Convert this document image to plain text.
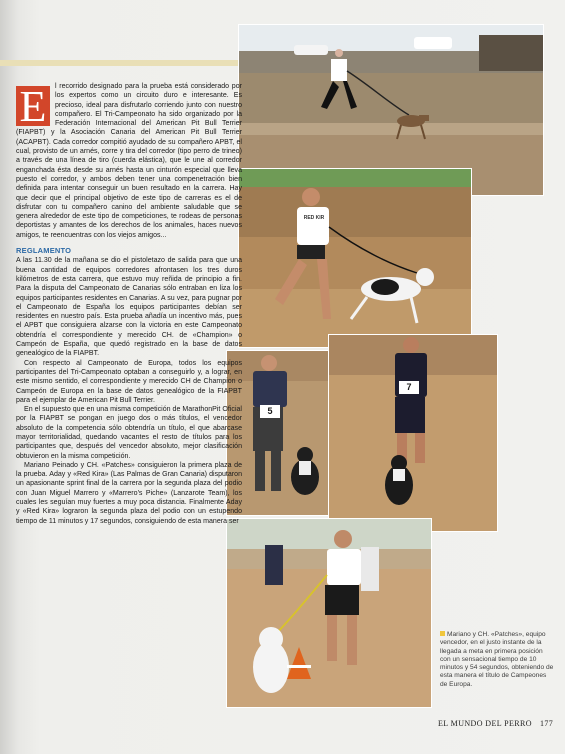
RED KIR
5
7
E	l recorrido designado para la prueba está considerado por los expertos como un circuito duro e interesante. Es precioso, ideal para disfrutarlo corriendo junto con nuestro compañero. El Tri-Campeonato ha sido organizado por la Federación Internacional del American Pit Bull Terrier (FIAPBT) y la Asociación Canaria del American Pit Bull Terrier (ACAPBT). Cada corredor compitió ayudado de su compañero APBT, el cual, provisto de un arnés, corre y tira del corredor (tipo perro de trineo) a través de una línea de tiro (cuerda elástica), que le une al corredor enganchada ésta desde su arnés hasta un cinturón especial que lleva puesto el corredor, y ambos deben tener una compenetración bien definida para intentar conseguir un buen resultado en la carrera. Hay que decir que el principal objetivo de este tipo de carreras es el de disfrutar con tu compañero canino del ambiente saludable que se genera alrededor de este tipo de competiciones, te rodeas de personas deportistas y amantes de los derechos de los animales, haces nuevos amigos, te reencuentras con los viejos amigos...

REGLAMENTO

A las 11.30 de la mañana se dio el pistoletazo de salida para que una buena cantidad de equipos corredores afrontasen los tres duros kilómetros de esta carrera, que estuvo muy reñida de principio a fin. Para la disputa del Campeonato de Canarias sólo entraban en liza los equipos participantes residentes en Canarias. A su vez, para pugnar por el Campeonato de España los equipos participantes debían ser residentes en nuestro país. Esta prueba añadía un incentivo más, pues el APBT que consiguiera alzarse con la victoria en este Campeonato obtendría el correspondiente y merecido CH. de «Champion» o Campeón de España, que quedó registrado en la base de datos genealógico de la FIAPBT.

Con respecto al Campeonato de Europa, todos los equipos participantes del Tri-Campeonato optaban a conseguirlo y, a lograr, en este mismo sentido, el correspondiente y merecido CH de Champion o Campeón de Europa en la base de datos genealógico de la FIAPBT para el ejemplar de American Pit Bull Terrier.

En el supuesto que en una misma competición de MarathonPit Oficial por la FIAPBT se pongan en juego dos o más títulos, el vencedor absoluto de la competencia sólo obtendría un título, el que abarcase mayor territorialidad, quedando vacantes el resto de títulos para los participantes que, después del vencedor absoluto, mejor clasificación obtuvieron en la misma competición.

Mariano Peinado y CH. «Patches» consiguieron la primera plaza de la prueba. Aday y «Red Kira» (Las Palmas de Gran Canaria) disputaron un apasionante sprint final de la carrera por la segunda plaza del podio con Juan Miguel Marrero y «Marrero's Piche» (Lanzarote Team), los cuales les seguían muy fuertes a muy poca distancia. Finalmente Aday y «Red Kira» lograron la segunda plaza del podio con un estupendo tiempo de 11 minutos y 17 segundos, consiguiendo de esta manera ser

Mariano y CH. «Patches», equipo vencedor, en el justo instante de la llegada a meta en primera posición con un sensacional tiempo de 10 minutos y 54 segundos, obteniendo de esta manera el título de Campeones de Europa.
EL MUNDO DEL PERRO 177
